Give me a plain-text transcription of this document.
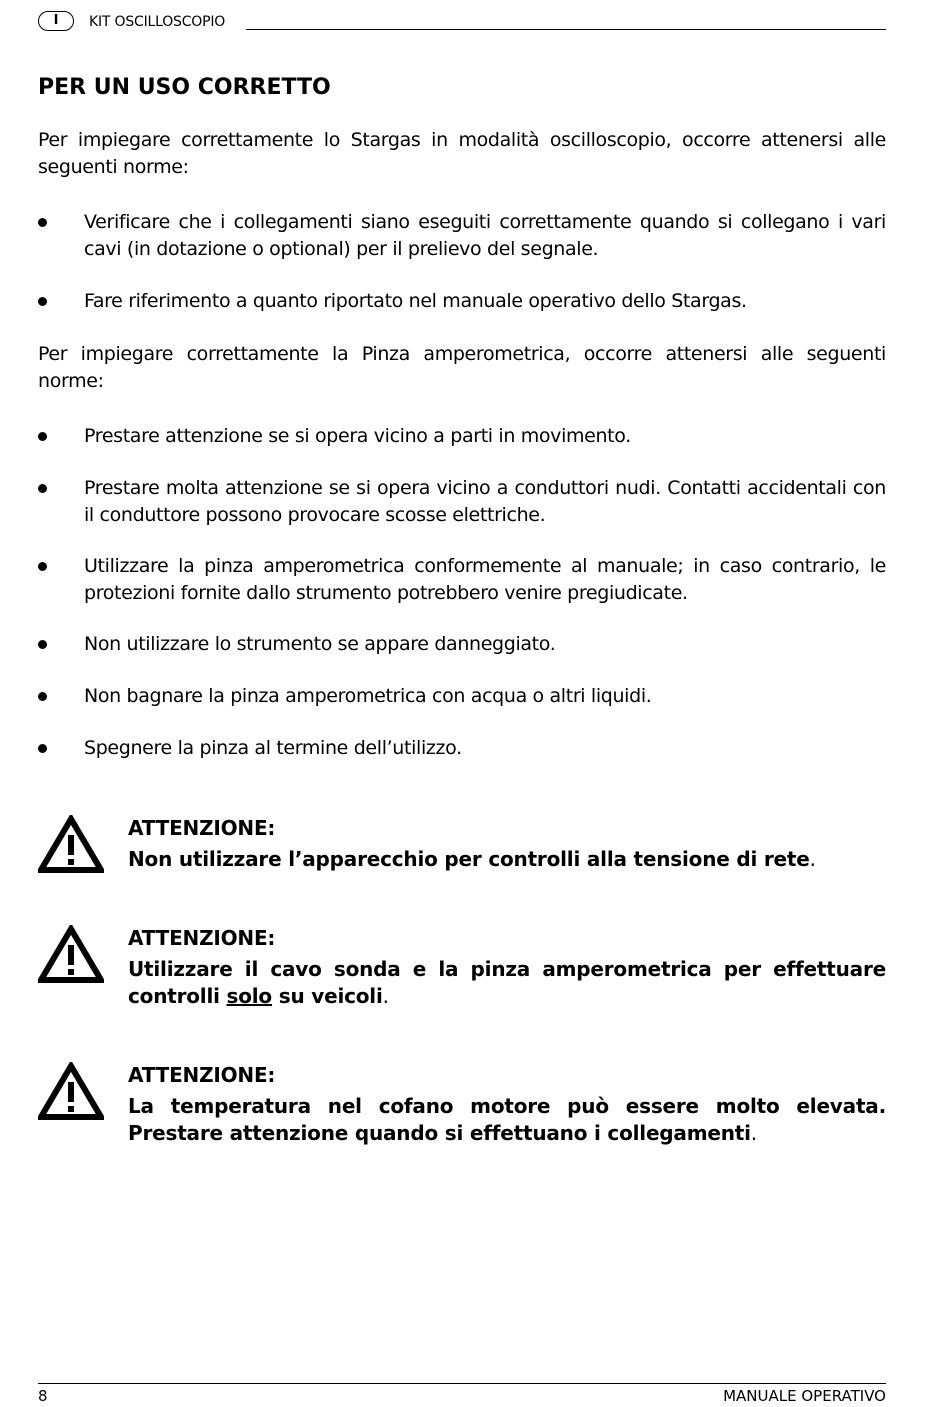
I	KIT OSCILLOSCOPIO
PER UN USO CORRETTO

Per impiegare correttamente lo Stargas in modalità oscilloscopio, occorre attenersi alle seguenti norme:

Verificare che i collegamenti siano eseguiti correttamente quando si collegano i vari cavi (in dotazione o optional) per il prelievo del segnale.
Fare riferimento a quanto riportato nel manuale operativo dello Stargas.

Per impiegare correttamente la Pinza amperometrica, occorre attenersi alle seguenti norme:

Prestare attenzione se si opera vicino a parti in movimento.
Prestare molta attenzione se si opera vicino a conduttori nudi. Contatti accidentali con il conduttore possono provocare scosse elettriche.
Utilizzare la pinza amperometrica conformemente al manuale; in caso contrario, le protezioni fornite dallo strumento potrebbero venire pregiudicate.
Non utilizzare lo strumento se appare danneggiato.
Non bagnare la pinza amperometrica con acqua o altri liquidi.
Spegnere la pinza al termine dell’utilizzo.
ATTENZIONE:
Non utilizzare l’apparecchio per controlli alla tensione di rete.
ATTENZIONE:
Utilizzare il cavo sonda e la pinza amperometrica per effettuare controlli solo su veicoli.
ATTENZIONE:
La temperatura nel cofano motore può essere molto elevata. Prestare attenzione quando si effettuano i collegamenti.
8	MANUALE OPERATIVO
